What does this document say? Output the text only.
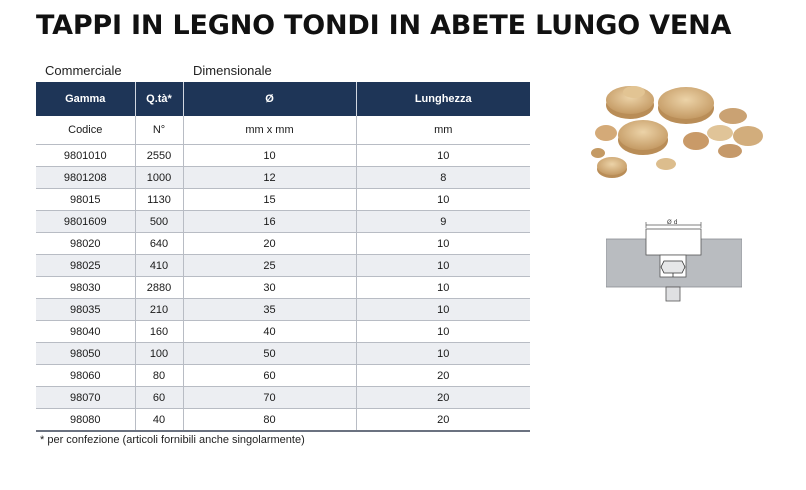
TAPPI IN LEGNO TONDI IN ABETE LUNGO VENA
Commerciale	Dimensionale
Gamma	Q.tà*	Ø	Lunghezza
Codice	N°	mm x mm	mm
9801010	2550	10	10
9801208	1000	12	8
98015	1130	15	10
9801609	500	16	9
98020	640	20	10
98025	410	25	10
98030	2880	30	10
98035	210	35	10
98040	160	40	10
98050	100	50	10
98060	80	60	20
98070	60	70	20
98080	40	80	20
* per confezione (articoli fornibili anche singolarmente)
Ø d
